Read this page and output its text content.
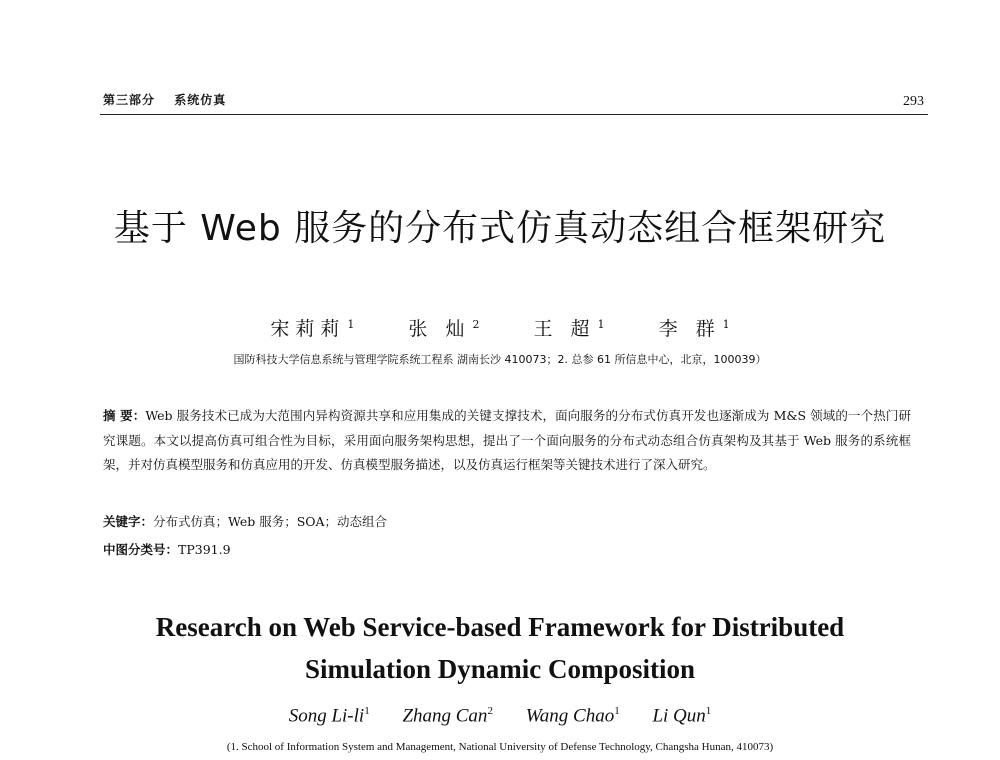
第三部分 系统仿真	293
基于 Web 服务的分布式仿真动态组合框架研究
宋莉莉 $^1$	张 灿 $^2$	王 超 $^1$	李 群 $^1$
国防科技大学信息系统与管理学院系统工程系 湖南长沙 410073；2. 总参 61 所信息中心，北京，100039）
摘 要：Web 服务技术已成为大范围内异构资源共享和应用集成的关键支撑技术，面向服务的分布式仿真开发也逐渐成为 M&S 领域的一个热门研究课题。本文以提高仿真可组合性为目标，采用面向服务架构思想，提出了一个面向服务的分布式动态组合仿真架构及其基于 Web 服务的系统框架，并对仿真模型服务和仿真应用的开发、仿真模型服务描述，以及仿真运行框架等关键技术进行了深入研究。
关键字：分布式仿真；Web 服务；SOA；动态组合
中图分类号：TP391.9
Research on Web Service-based Framework for Distributed
Simulation Dynamic Composition
Song $Li-li^1$ Zhang Can$^2$ Wang Chao$^1$ Li Qun$^1$
(1. School of Information System and Management, National University of Defense Technology, Changsha Hunan, 410073)
